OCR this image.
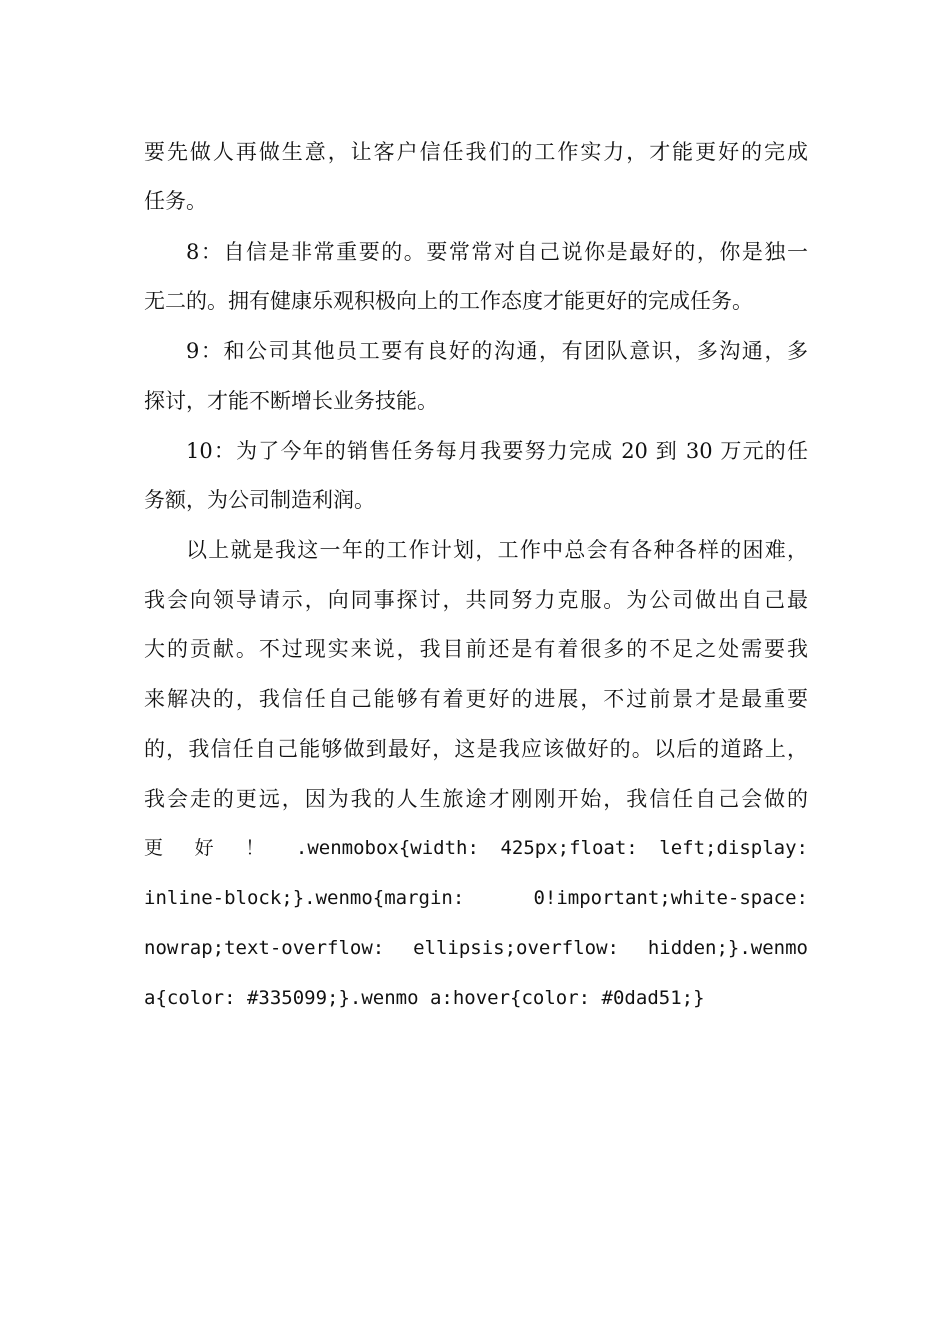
要先做人再做生意，让客户信任我们的工作实力，才能更好的完成
任务。
8：自信是非常重要的。要常常对自己说你是最好的，你是独一
无二的。拥有健康乐观积极向上的工作态度才能更好的完成任务。
9：和公司其他员工要有良好的沟通，有团队意识，多沟通，多
探讨，才能不断增长业务技能。
10：为了今年的销售任务每月我要努力完成 20 到 30 万元的任
务额，为公司制造利润。
以上就是我这一年的工作计划，工作中总会有各种各样的困难，
我会向领导请示，向同事探讨，共同努力克服。为公司做出自己最
大的贡献。不过现实来说，我目前还是有着很多的不足之处需要我
来解决的，我信任自己能够有着更好的进展，不过前景才是最重要
的，我信任自己能够做到最好，这是我应该做好的。以后的道路上，
我会走的更远，因为我的人生旅途才刚刚开始，我信任自己会做的
更 好 ！ .wenmobox{width: 425px;float: left;display:
inline-block;}.wenmo{margin: 0!important;white-space:
nowrap;text-overflow: ellipsis;overflow: hidden;}.wenmo
a{color: #335099;}.wenmo a:hover{color: #0dad51;}
